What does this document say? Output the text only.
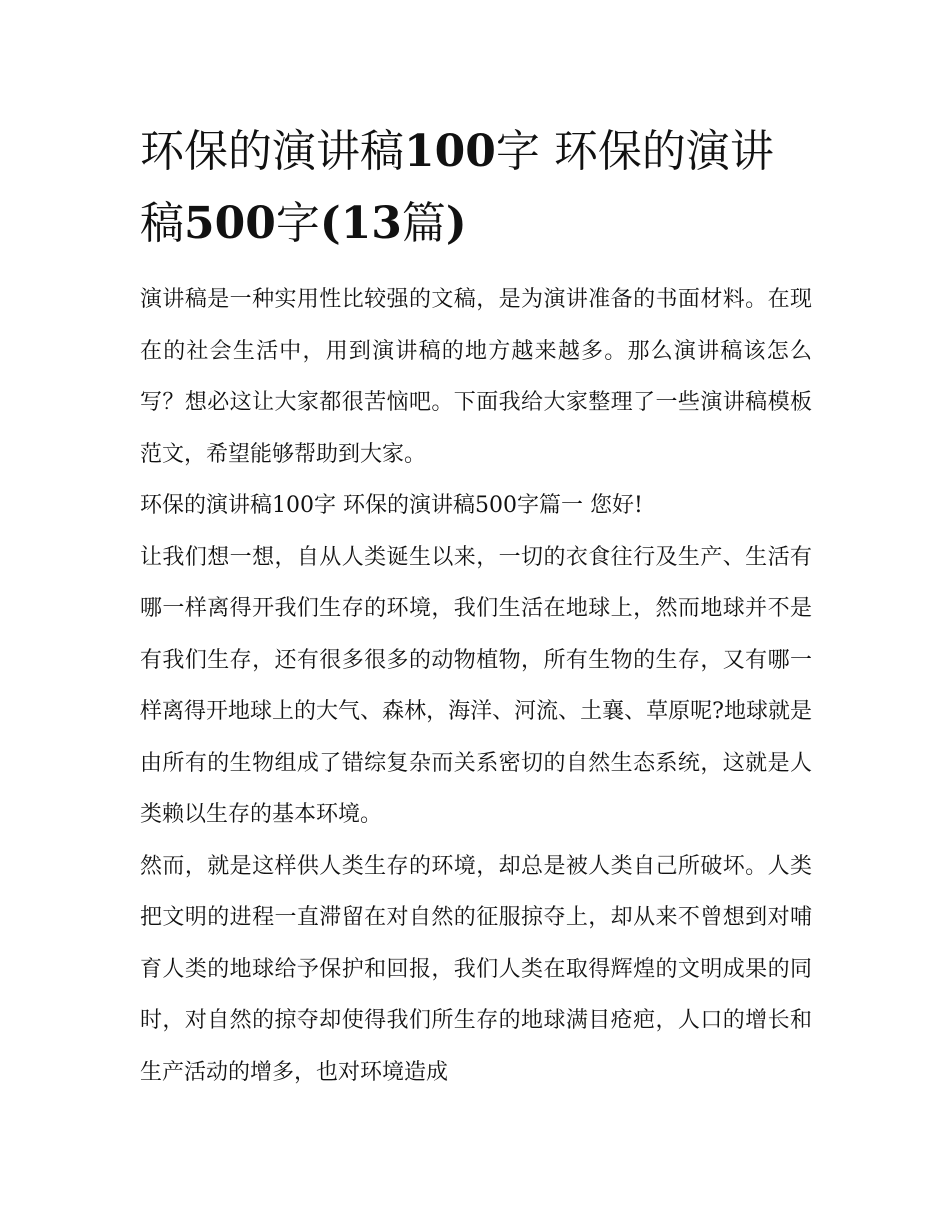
环保的演讲稿100字 环保的演讲稿500字(13篇)

演讲稿是一种实用性比较强的文稿，是为演讲准备的书面材料。在现在的社会生活中，用到演讲稿的地方越来越多。那么演讲稿该怎么写？想必这让大家都很苦恼吧。下面我给大家整理了一些演讲稿模板范文，希望能够帮助到大家。

环保的演讲稿100字 环保的演讲稿500字篇一 您好!

让我们想一想，自从人类诞生以来，一切的衣食往行及生产、生活有哪一样离得开我们生存的环境，我们生活在地球上，然而地球并不是有我们生存，还有很多很多的动物植物，所有生物的生存，又有哪一样离得开地球上的大气、森林，海洋、河流、土襄、草原呢?地球就是由所有的生物组成了错综复杂而关系密切的自然生态系统，这就是人类赖以生存的基本环境。

然而，就是这样供人类生存的环境，却总是被人类自己所破坏。人类把文明的进程一直滞留在对自然的征服掠夺上，却从来不曾想到对哺育人类的地球给予保护和回报，我们人类在取得辉煌的文明成果的同时，对自然的掠夺却使得我们所生存的地球满目疮疤，人口的增长和生产活动的增多，也对环境造成
